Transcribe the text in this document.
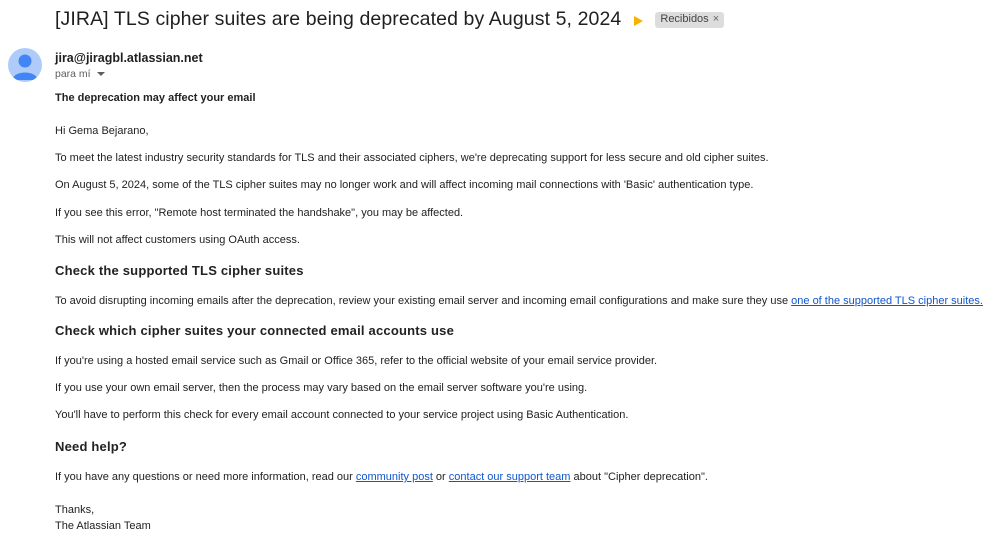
[JIRA] TLS cipher suites are being deprecated by August 5, 2024	Recibidos ×
jira@jiragbl.atlassian.net
para mí

The deprecation may affect your email

Hi Gema Bejarano,

To meet the latest industry security standards for TLS and their associated ciphers, we're deprecating support for less secure and old cipher suites.

On August 5, 2024, some of the TLS cipher suites may no longer work and will affect incoming mail connections with 'Basic' authentication type.

If you see this error, "Remote host terminated the handshake", you may be affected.

This will not affect customers using OAuth access.

Check the supported TLS cipher suites
To avoid disrupting incoming emails after the deprecation, review your existing email server and incoming email configurations and make sure they use one of the supported TLS cipher suites.
Check which cipher suites your connected email accounts use

If you're using a hosted email service such as Gmail or Office 365, refer to the official website of your email service provider.

If you use your own email server, then the process may vary based on the email server software you're using.

You'll have to perform this check for every email account connected to your service project using Basic Authentication.

Need help?
If you have any questions or need more information, read our community post or contact our support team about "Cipher deprecation".

Thanks,

The Atlassian Team
